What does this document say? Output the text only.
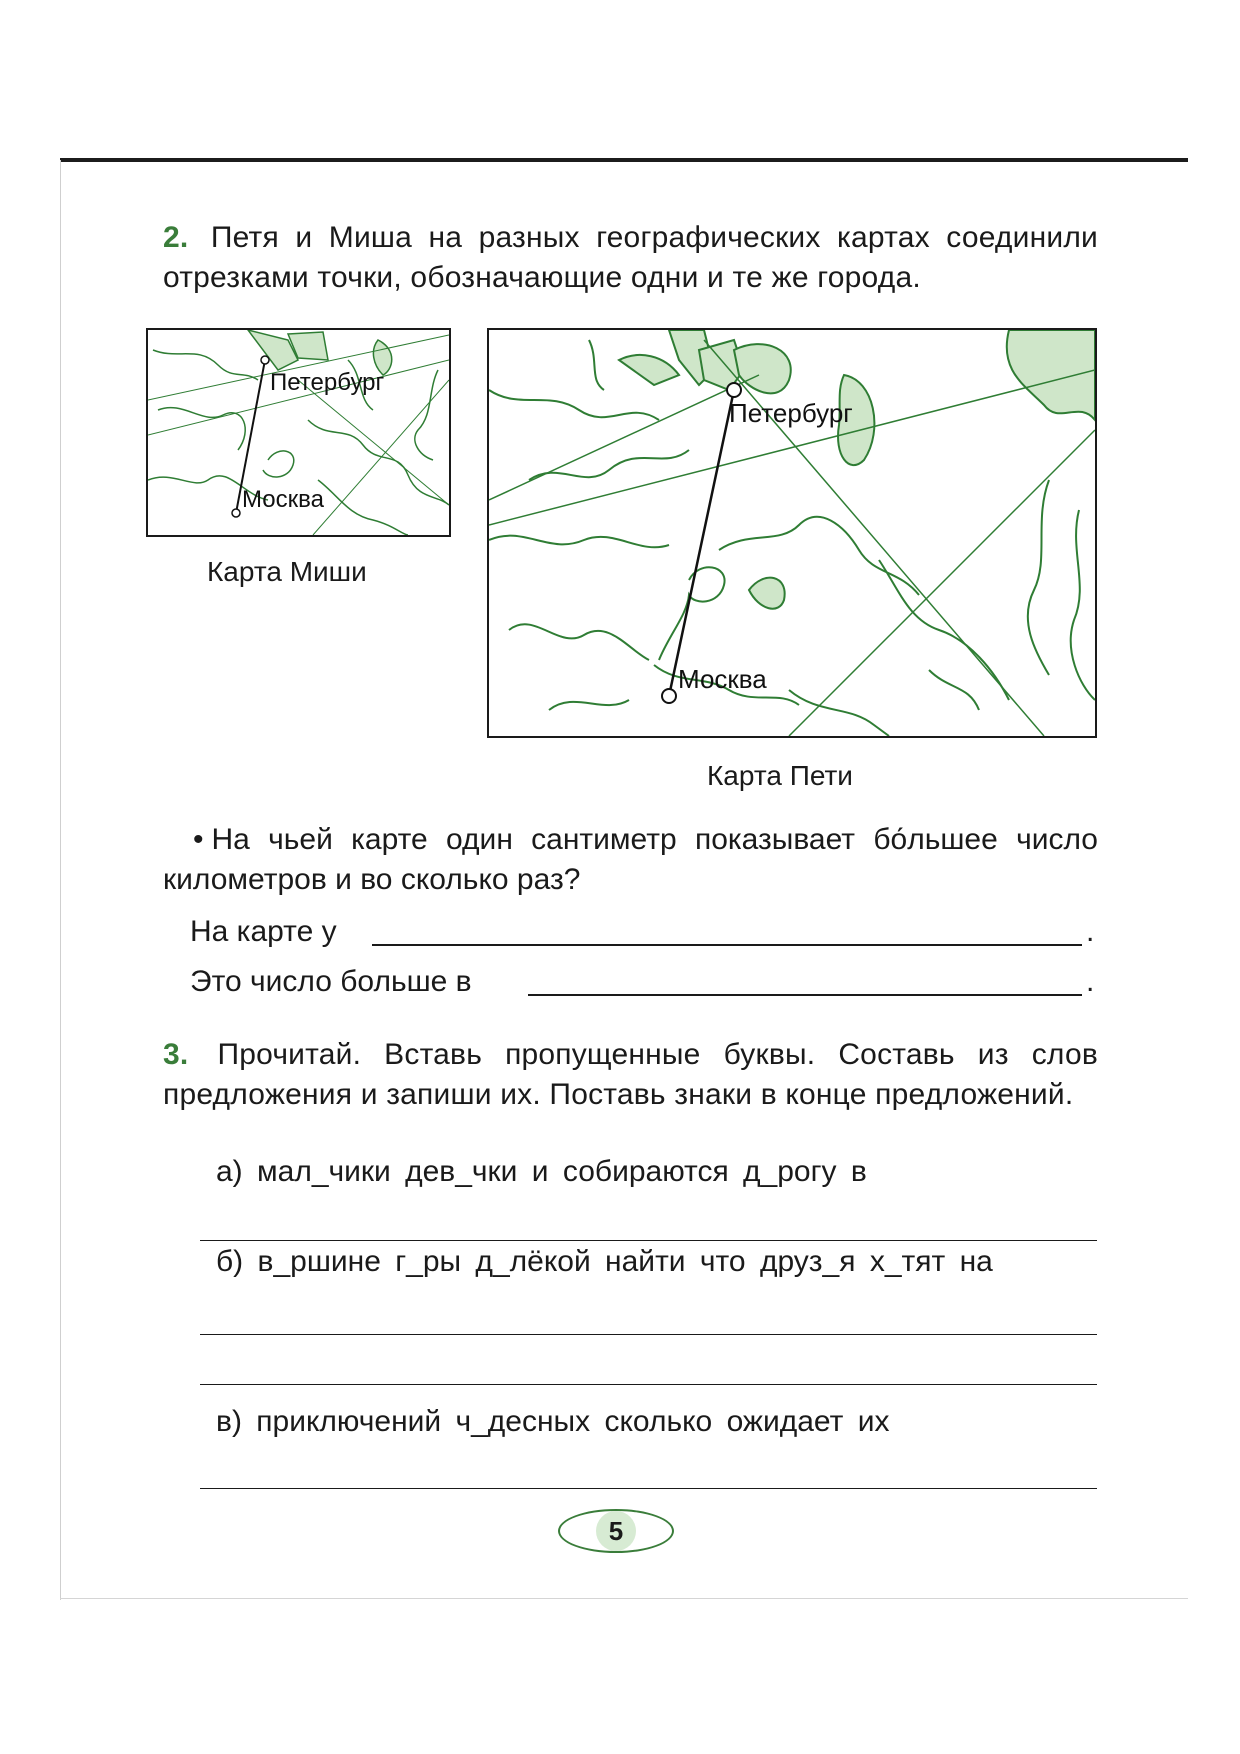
2. Петя и Миша на разных географических картах соединили отрезками точки, обозначающие одни и те же города.
Петербург
Москва
Карта Миши
Петербург
Москва
Карта Пети
• На чьей карте один сантиметр показывает бо́льшее число километров и во сколько раз?
На карте у	.
Это число больше в	.
3. Прочитай. Вставь пропущенные буквы. Составь из слов предложения и запиши их. Поставь знаки в конце предложений.
а) мал_чики дев_чки и собираются д_рогу в
б) в_ршине г_ры д_лёкой найти что друз_я х_тят на
в) приключений ч_десных сколько ожидает их
5
